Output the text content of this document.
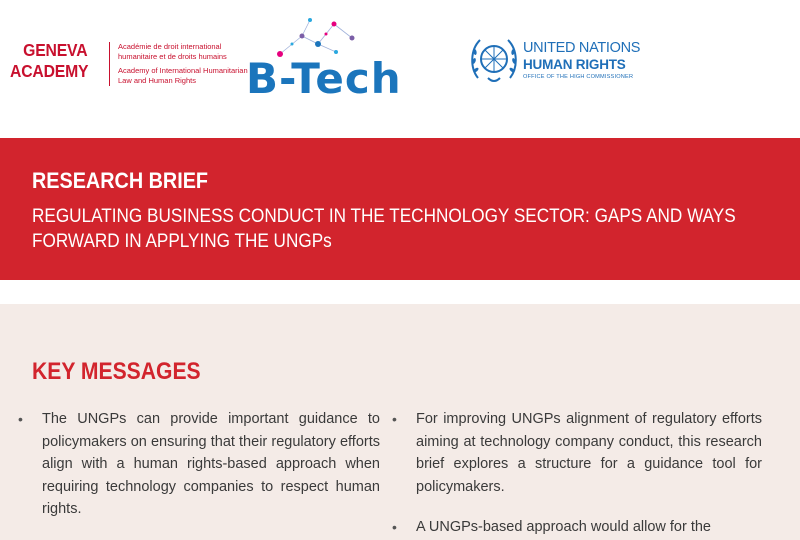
GENEVA
ACADEMY
Académie de droit international humanitaire et de droits humains
Academy of International Humanitarian Law and Human Rights	B-Tech
UNITED NATIONS
HUMAN RIGHTS
OFFICE OF THE HIGH COMMISSIONER
RESEARCH BRIEF
REGULATING BUSINESS CONDUCT IN THE TECHNOLOGY SECTOR: GAPS AND WAYS FORWARD IN APPLYING THE UNGPs
KEY MESSAGES
•	The UNGPs can provide important guidance to policymakers on ensuring that their regulatory efforts align with a human rights-based approach when requiring technology companies to respect human rights.
•	For improving UNGPs alignment of regulatory efforts aiming at technology company conduct, this research brief explores a structure for a guidance tool for policymakers.
•	A UNGPs-based approach would allow for the
